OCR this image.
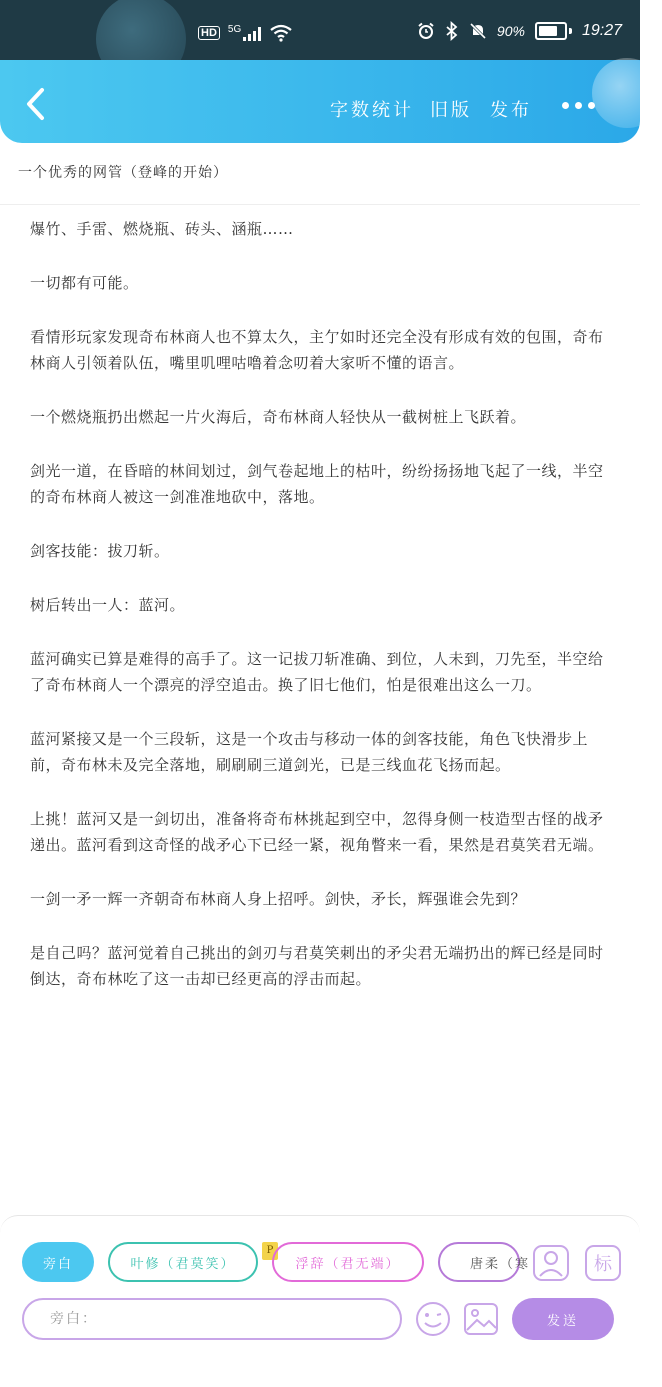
HD	5G	90%	19:27
字数统计 旧版	发布
一个优秀的网管（登峰的开始）

爆竹、手雷、燃烧瓶、砖头、涵瓶……

一切都有可能。

看情形玩家发现奇布林商人也不算太久，主亇如时还完全没有形成有效的包围，奇布林商人引领着队伍，嘴里叽哩咕噜着念叨着大家听不懂的语言。

一个燃烧瓶扔出燃起一片火海后，奇布林商人轻快从一截树桩上飞跃着。

剑光一道，在昏暗的林间划过，剑气卷起地上的枯叶，纷纷扬扬地飞起了一线，半空的奇布林商人被这一剑准准地砍中，落地。

剑客技能：拔刀斩。

树后转出一人：蓝河。

蓝河确实已算是难得的高手了。这一记拔刀斩准确、到位，人未到，刀先至，半空给了奇布林商人一个漂亮的浮空追击。换了旧七他们，怕是很难出这么一刀。

蓝河紧接又是一个三段斩，这是一个攻击与移动一体的剑客技能，角色飞快滑步上前，奇布林未及完全落地，刷刷刷三道剑光，已是三线血花飞扬而起。

上挑！蓝河又是一剑切出，准备将奇布林挑起到空中，忽得身侧一枝造型古怪的战矛递出。蓝河看到这奇怪的战矛心下已经一紧，视角瞥来一看，果然是君莫笑君无端。

一剑一矛一辉一齐朝奇布林商人身上招呼。剑快，矛长，辉强谁会先到？

是自己吗？蓝河觉着自己挑出的剑刃与君莫笑刺出的矛尖君无端扔出的辉已经是同时倒达，奇布林吃了这一击却已经更高的浮击而起。

旁白	叶修（君莫笑）
P
浮辞（君无端）	唐柔（寒	标
旁白：	发送
